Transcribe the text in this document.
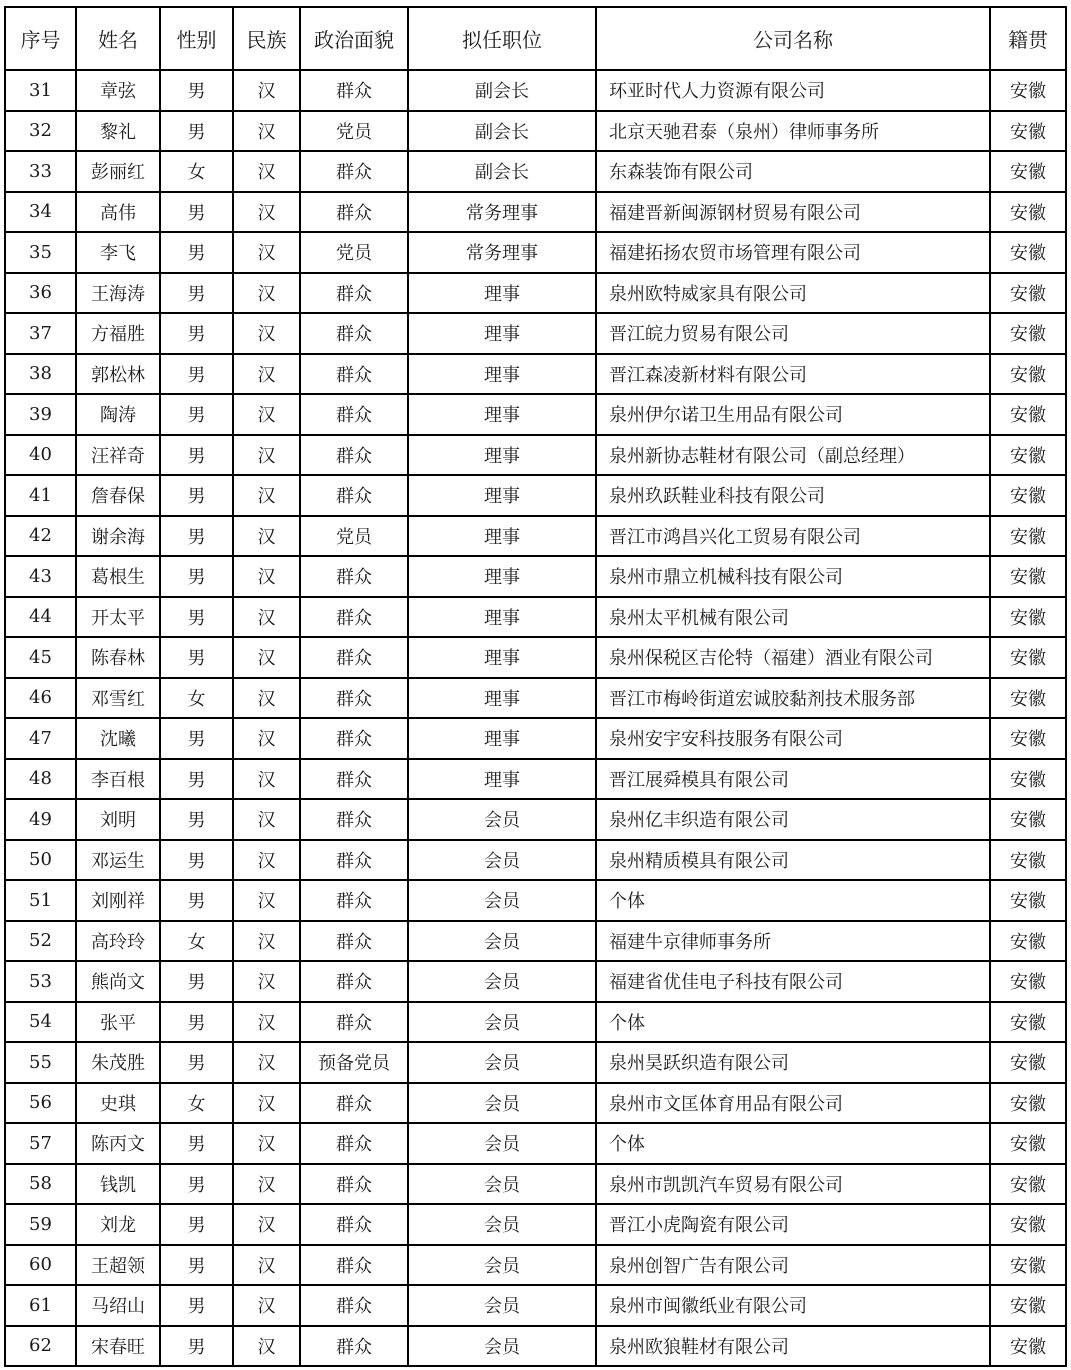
序号	姓名	性别	民族	政治面貌	拟任职位	公司名称	籍贯
31	章弦	男	汉	群众	副会长	环亚时代人力资源有限公司	安徽
32	黎礼	男	汉	党员	副会长	北京天驰君泰（泉州）律师事务所	安徽
33	彭丽红	女	汉	群众	副会长	东森装饰有限公司	安徽
34	高伟	男	汉	群众	常务理事	福建晋新闽源钢材贸易有限公司	安徽
35	李飞	男	汉	党员	常务理事	福建拓扬农贸市场管理有限公司	安徽
36	王海涛	男	汉	群众	理事	泉州欧特威家具有限公司	安徽
37	方福胜	男	汉	群众	理事	晋江皖力贸易有限公司	安徽
38	郭松林	男	汉	群众	理事	晋江森凌新材料有限公司	安徽
39	陶涛	男	汉	群众	理事	泉州伊尔诺卫生用品有限公司	安徽
40	汪祥奇	男	汉	群众	理事	泉州新协志鞋材有限公司（副总经理）	安徽
41	詹春保	男	汉	群众	理事	泉州玖跃鞋业科技有限公司	安徽
42	谢余海	男	汉	党员	理事	晋江市鸿昌兴化工贸易有限公司	安徽
43	葛根生	男	汉	群众	理事	泉州市鼎立机械科技有限公司	安徽
44	开太平	男	汉	群众	理事	泉州太平机械有限公司	安徽
45	陈春林	男	汉	群众	理事	泉州保税区吉伦特（福建）酒业有限公司	安徽
46	邓雪红	女	汉	群众	理事	晋江市梅岭街道宏诚胶黏剂技术服务部	安徽
47	沈曦	男	汉	群众	理事	泉州安宇安科技服务有限公司	安徽
48	李百根	男	汉	群众	理事	晋江展舜模具有限公司	安徽
49	刘明	男	汉	群众	会员	泉州亿丰织造有限公司	安徽
50	邓运生	男	汉	群众	会员	泉州精质模具有限公司	安徽
51	刘刚祥	男	汉	群众	会员	个体	安徽
52	高玲玲	女	汉	群众	会员	福建牛京律师事务所	安徽
53	熊尚文	男	汉	群众	会员	福建省优佳电子科技有限公司	安徽
54	张平	男	汉	群众	会员	个体	安徽
55	朱茂胜	男	汉	预备党员	会员	泉州昊跃织造有限公司	安徽
56	史琪	女	汉	群众	会员	泉州市文匡体育用品有限公司	安徽
57	陈丙文	男	汉	群众	会员	个体	安徽
58	钱凯	男	汉	群众	会员	泉州市凯凯汽车贸易有限公司	安徽
59	刘龙	男	汉	群众	会员	晋江小虎陶瓷有限公司	安徽
60	王超领	男	汉	群众	会员	泉州创智广告有限公司	安徽
61	马绍山	男	汉	群众	会员	泉州市闽徽纸业有限公司	安徽
62	宋春旺	男	汉	群众	会员	泉州欧狼鞋材有限公司	安徽
